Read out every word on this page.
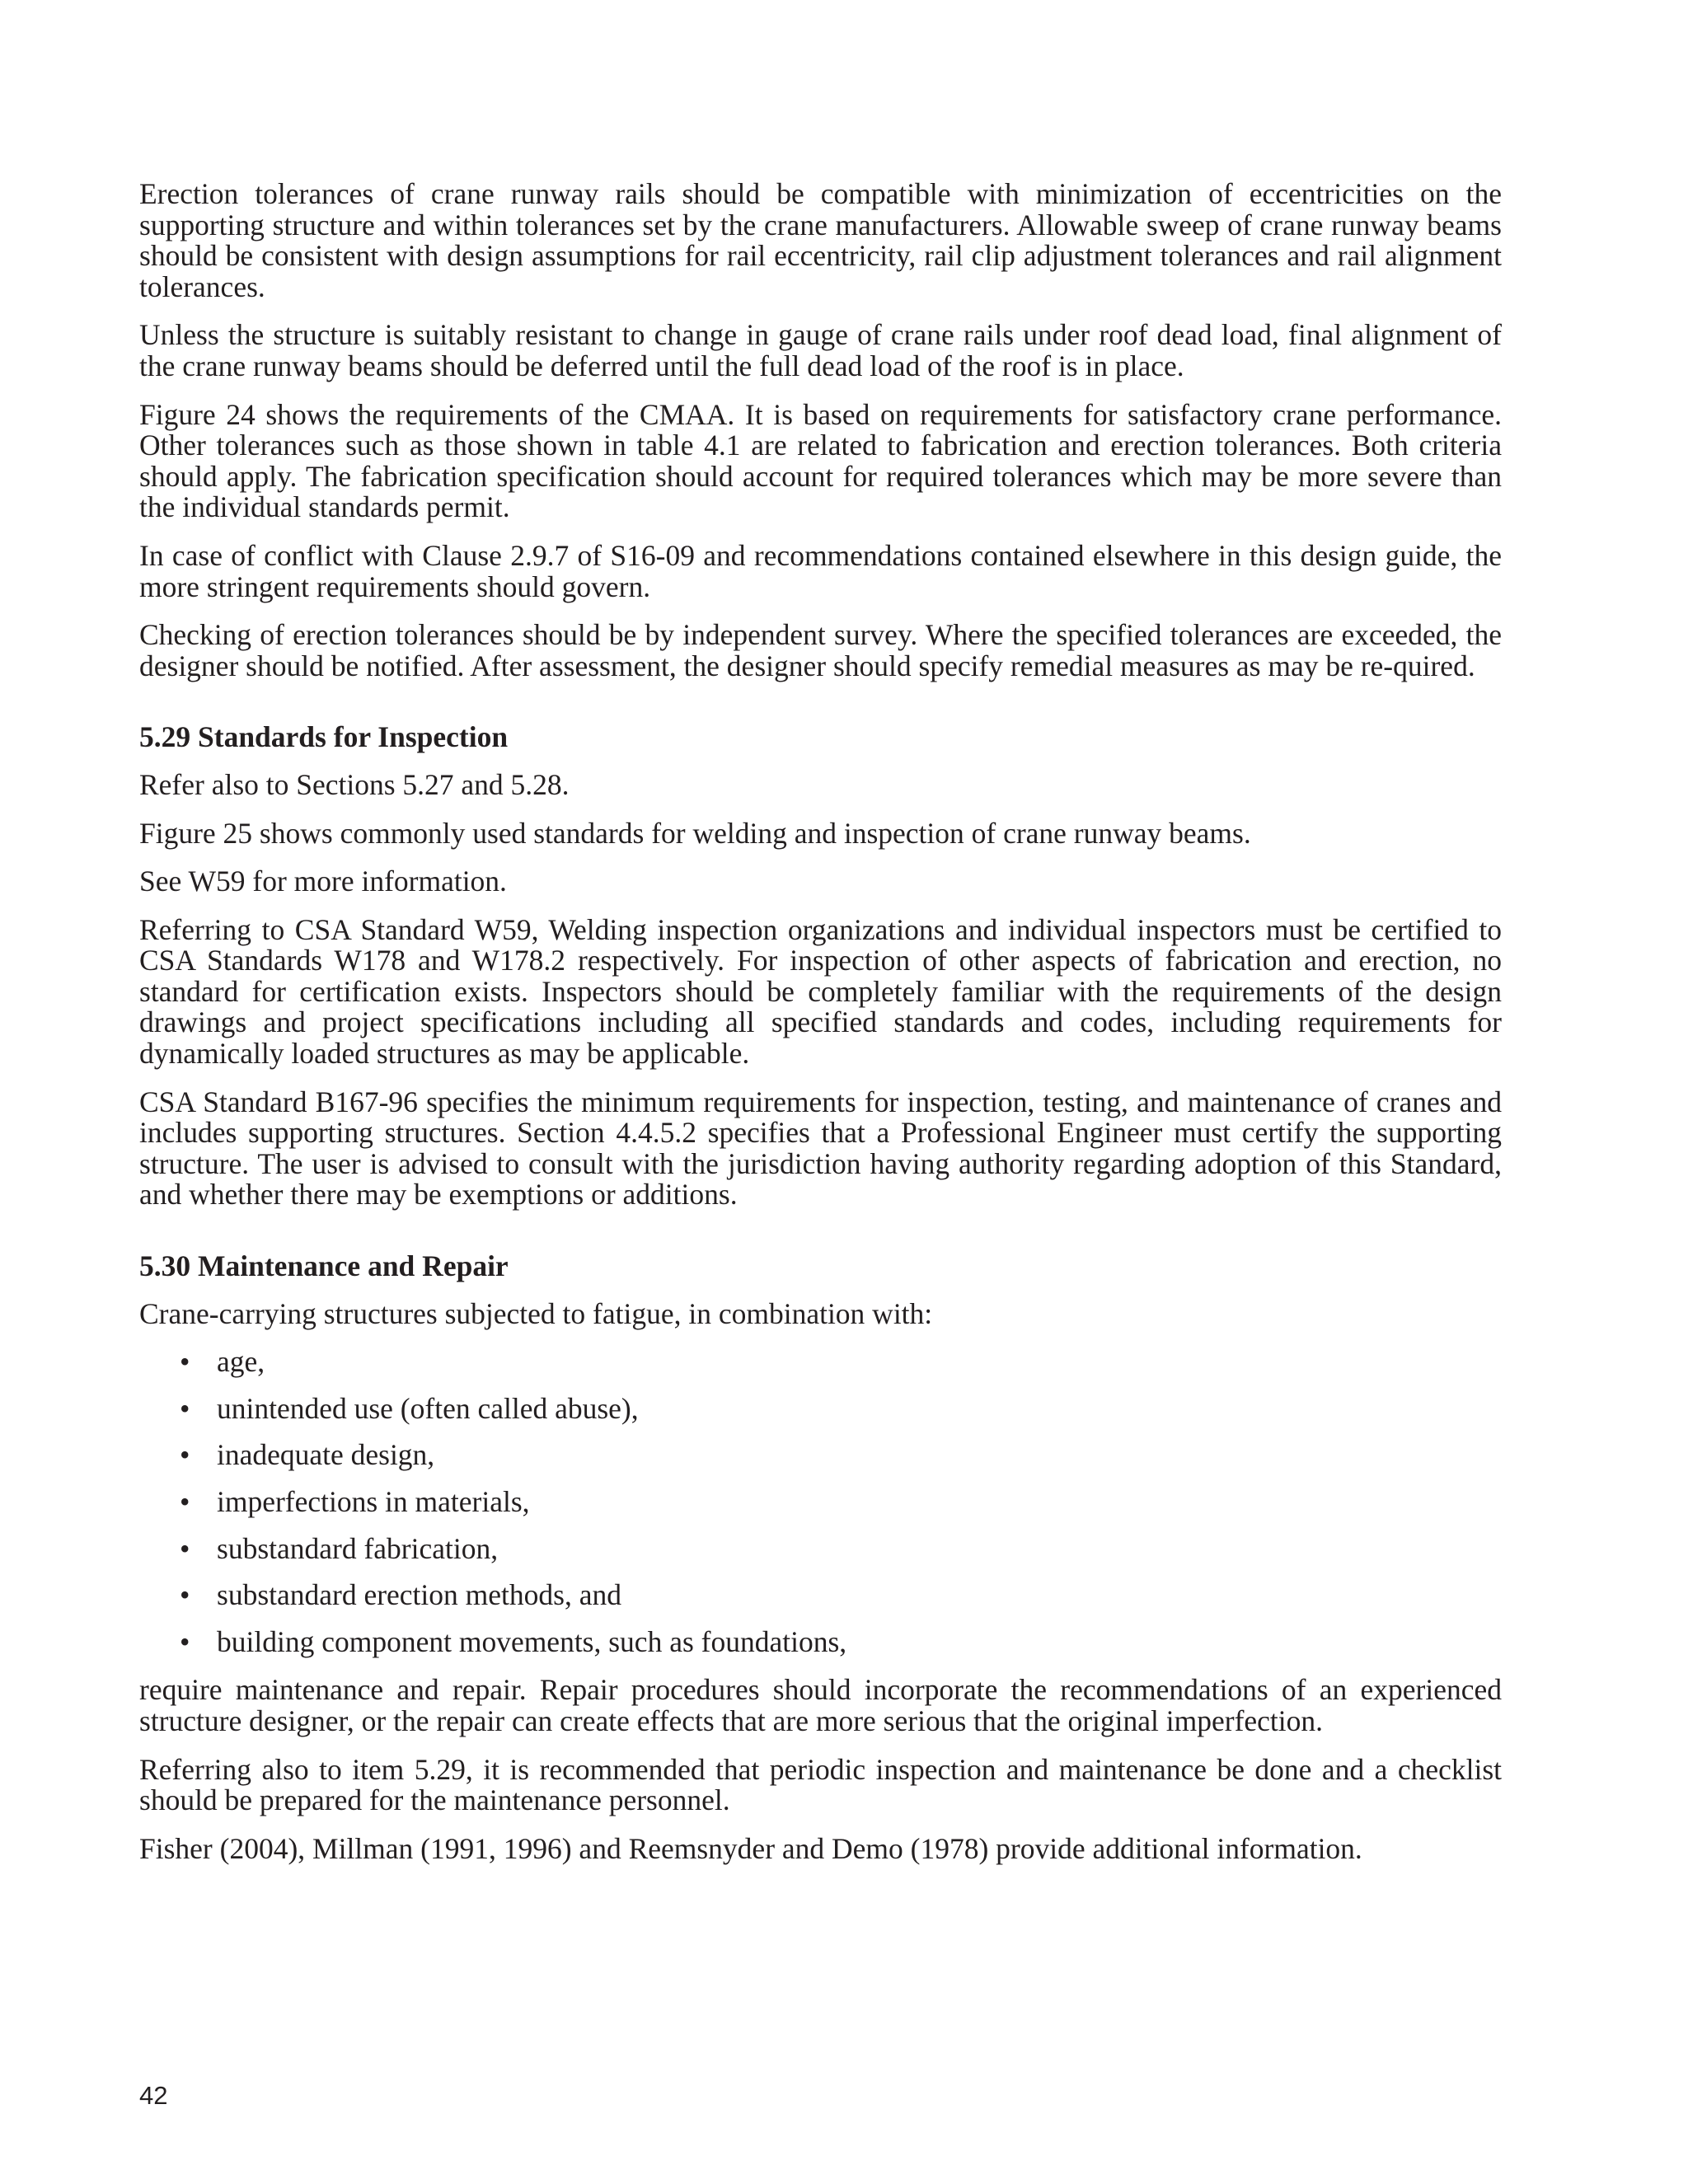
Erection tolerances of crane runway rails should be compatible with minimization of eccentricities on the supporting structure and within tolerances set by the crane manufacturers. Allowable sweep of crane runway beams should be consistent with design assumptions for rail eccentricity, rail clip adjustment tolerances and rail alignment tolerances.

Unless the structure is suitably resistant to change in gauge of crane rails under roof dead load, final alignment of the crane runway beams should be deferred until the full dead load of the roof is in place.

Figure 24 shows the requirements of the CMAA. It is based on requirements for satisfactory crane performance. Other tolerances such as those shown in table 4.1 are related to fabrication and erection tolerances. Both criteria should apply. The fabrication specification should account for required tolerances which may be more severe than the individual standards permit.

In case of conflict with Clause 2.9.7 of S16-09 and recommendations contained elsewhere in this design guide, the more stringent requirements should govern.

Checking of erection tolerances should be by independent survey. Where the specified tolerances are exceeded, the designer should be notified. After assessment, the designer should specify remedial measures as may be re-quired.

5.29 Standards for Inspection

Refer also to Sections 5.27 and 5.28.

Figure 25 shows commonly used standards for welding and inspection of crane runway beams.

See W59 for more information.

Referring to CSA Standard W59, Welding inspection organizations and individual inspectors must be certified to CSA Standards W178 and W178.2 respectively. For inspection of other aspects of fabrication and erection, no standard for certification exists. Inspectors should be completely familiar with the requirements of the design drawings and project specifications including all specified standards and codes, including requirements for dynamically loaded structures as may be applicable.

CSA Standard B167-96 specifies the minimum requirements for inspection, testing, and maintenance of cranes and includes supporting structures. Section 4.4.5.2 specifies that a Professional Engineer must certify the supporting structure. The user is advised to consult with the jurisdiction having authority regarding adoption of this Standard, and whether there may be exemptions or additions.

5.30 Maintenance and Repair

Crane-carrying structures subjected to fatigue, in combination with:

• age,
• unintended use (often called abuse),
• inadequate design,
• imperfections in materials,
• substandard fabrication,
• substandard erection methods, and
• building component movements, such as foundations,

require maintenance and repair. Repair procedures should incorporate the recommendations of an experienced structure designer, or the repair can create effects that are more serious that the original imperfection.

Referring also to item 5.29, it is recommended that periodic inspection and maintenance be done and a checklist should be prepared for the maintenance personnel.

Fisher (2004), Millman (1991, 1996) and Reemsnyder and Demo (1978) provide additional information.

42
